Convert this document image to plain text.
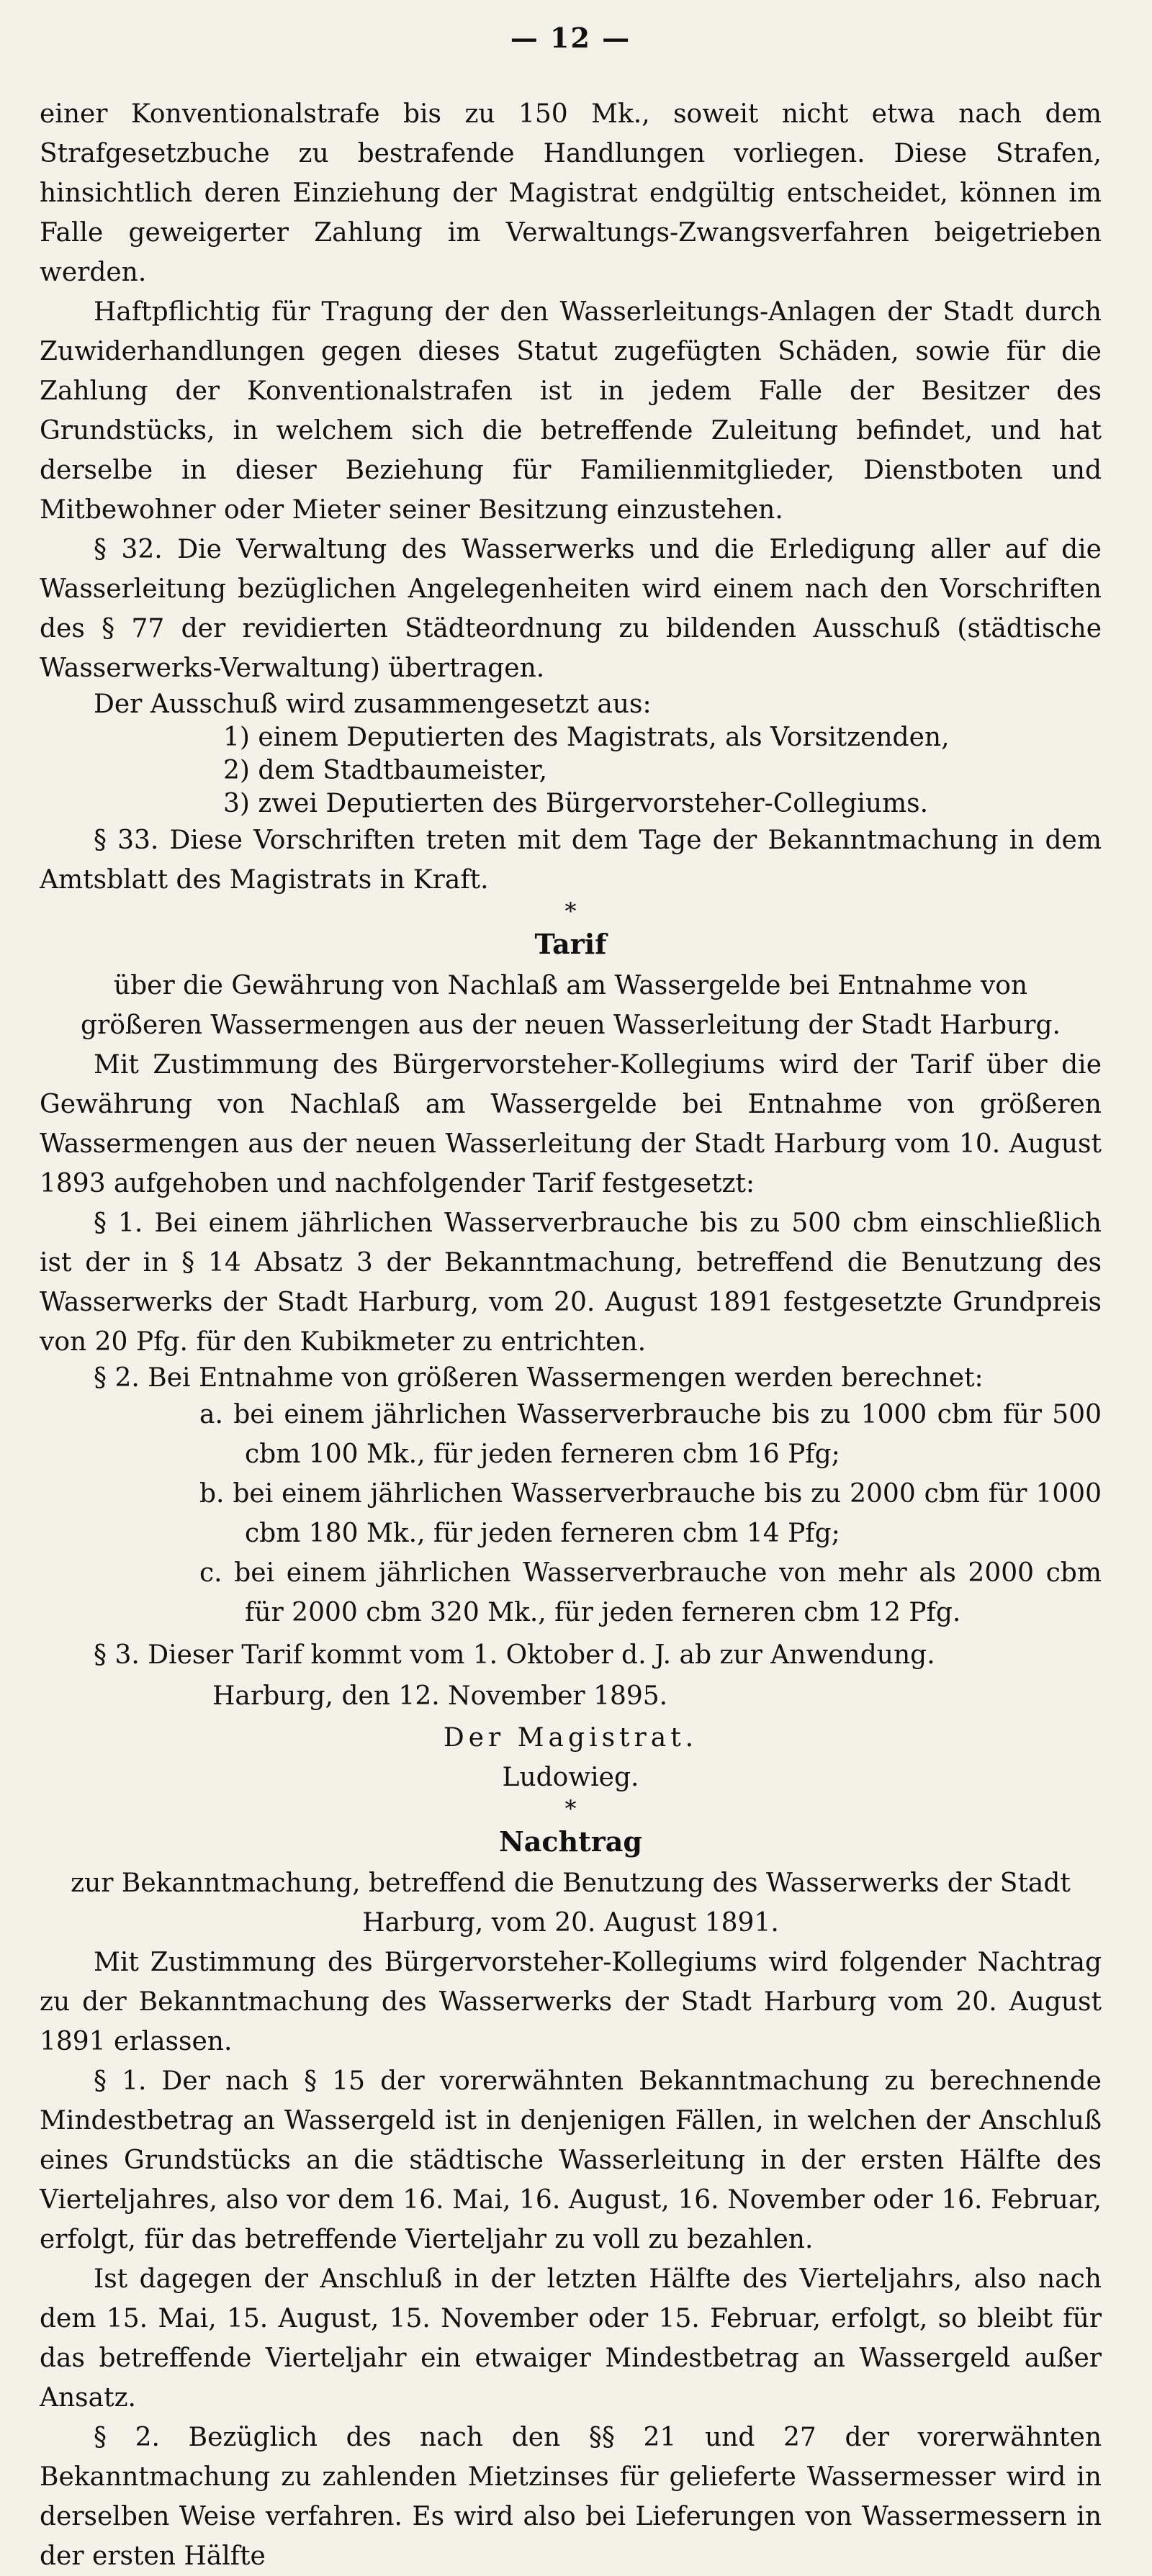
— 12 —

einer Konventionalstrafe bis zu 150 Mk., soweit nicht etwa nach dem Strafgesetzbuche zu bestrafende Handlungen vorliegen. Diese Strafen, hinsichtlich deren Einziehung der Magistrat endgültig entscheidet, können im Falle geweigerter Zahlung im Verwaltungs-Zwangsverfahren beigetrieben werden.

Haftpflichtig für Tragung der den Wasserleitungs-Anlagen der Stadt durch Zuwiderhandlungen gegen dieses Statut zugefügten Schäden, sowie für die Zahlung der Konventionalstrafen ist in jedem Falle der Besitzer des Grundstücks, in welchem sich die betreffende Zuleitung befindet, und hat derselbe in dieser Beziehung für Familienmitglieder, Dienstboten und Mitbewohner oder Mieter seiner Besitzung einzustehen.

§ 32. Die Verwaltung des Wasserwerks und die Erledigung aller auf die Wasserleitung bezüglichen Angelegenheiten wird einem nach den Vorschriften des § 77 der revidierten Städteordnung zu bildenden Ausschuß (städtische Wasserwerks-Verwaltung) übertragen.

Der Ausschuß wird zusammengesetzt aus:

1) einem Deputierten des Magistrats, als Vorsitzenden,

2) dem Stadtbaumeister,

3) zwei Deputierten des Bürgervorsteher-Collegiums.

§ 33. Diese Vorschriften treten mit dem Tage der Bekanntmachung in dem Amtsblatt des Magistrats in Kraft.

*

Tarif

über die Gewährung von Nachlaß am Wassergelde bei Entnahme von größeren Wassermengen aus der neuen Wasserleitung der Stadt Harburg.

Mit Zustimmung des Bürgervorsteher-Kollegiums wird der Tarif über die Gewährung von Nachlaß am Wassergelde bei Entnahme von größeren Wassermengen aus der neuen Wasserleitung der Stadt Harburg vom 10. August 1893 aufgehoben und nachfolgender Tarif festgesetzt:

§ 1. Bei einem jährlichen Wasserverbrauche bis zu 500 cbm einschließlich ist der in § 14 Absatz 3 der Bekanntmachung, betreffend die Benutzung des Wasserwerks der Stadt Harburg, vom 20. August 1891 festgesetzte Grundpreis von 20 Pfg. für den Kubikmeter zu entrichten.

§ 2. Bei Entnahme von größeren Wassermengen werden berechnet:

a. bei einem jährlichen Wasserverbrauche bis zu 1000 cbm für 500 cbm 100 Mk., für jeden ferneren cbm 16 Pfg;

b. bei einem jährlichen Wasserverbrauche bis zu 2000 cbm für 1000 cbm 180 Mk., für jeden ferneren cbm 14 Pfg;

c. bei einem jährlichen Wasserverbrauche von mehr als 2000 cbm für 2000 cbm 320 Mk., für jeden ferneren cbm 12 Pfg.

§ 3. Dieser Tarif kommt vom 1. Oktober d. J. ab zur Anwendung.

Harburg, den 12. November 1895.

Der Magistrat.

Ludowieg.

*

Nachtrag

zur Bekanntmachung, betreffend die Benutzung des Wasserwerks der Stadt Harburg, vom 20. August 1891.

Mit Zustimmung des Bürgervorsteher-Kollegiums wird folgender Nachtrag zu der Bekanntmachung des Wasserwerks der Stadt Harburg vom 20. August 1891 erlassen.

§ 1. Der nach § 15 der vorerwähnten Bekanntmachung zu berechnende Mindestbetrag an Wassergeld ist in denjenigen Fällen, in welchen der Anschluß eines Grundstücks an die städtische Wasserleitung in der ersten Hälfte des Vierteljahres, also vor dem 16. Mai, 16. August, 16. November oder 16. Februar, erfolgt, für das betreffende Vierteljahr zu voll zu bezahlen.

Ist dagegen der Anschluß in der letzten Hälfte des Vierteljahrs, also nach dem 15. Mai, 15. August, 15. November oder 15. Februar, erfolgt, so bleibt für das betreffende Vierteljahr ein etwaiger Mindestbetrag an Wassergeld außer Ansatz.

§ 2. Bezüglich des nach den §§ 21 und 27 der vorerwähnten Bekanntmachung zu zahlenden Mietzinses für gelieferte Wassermesser wird in derselben Weise verfahren. Es wird also bei Lieferungen von Wassermessern in der ersten Hälfte
